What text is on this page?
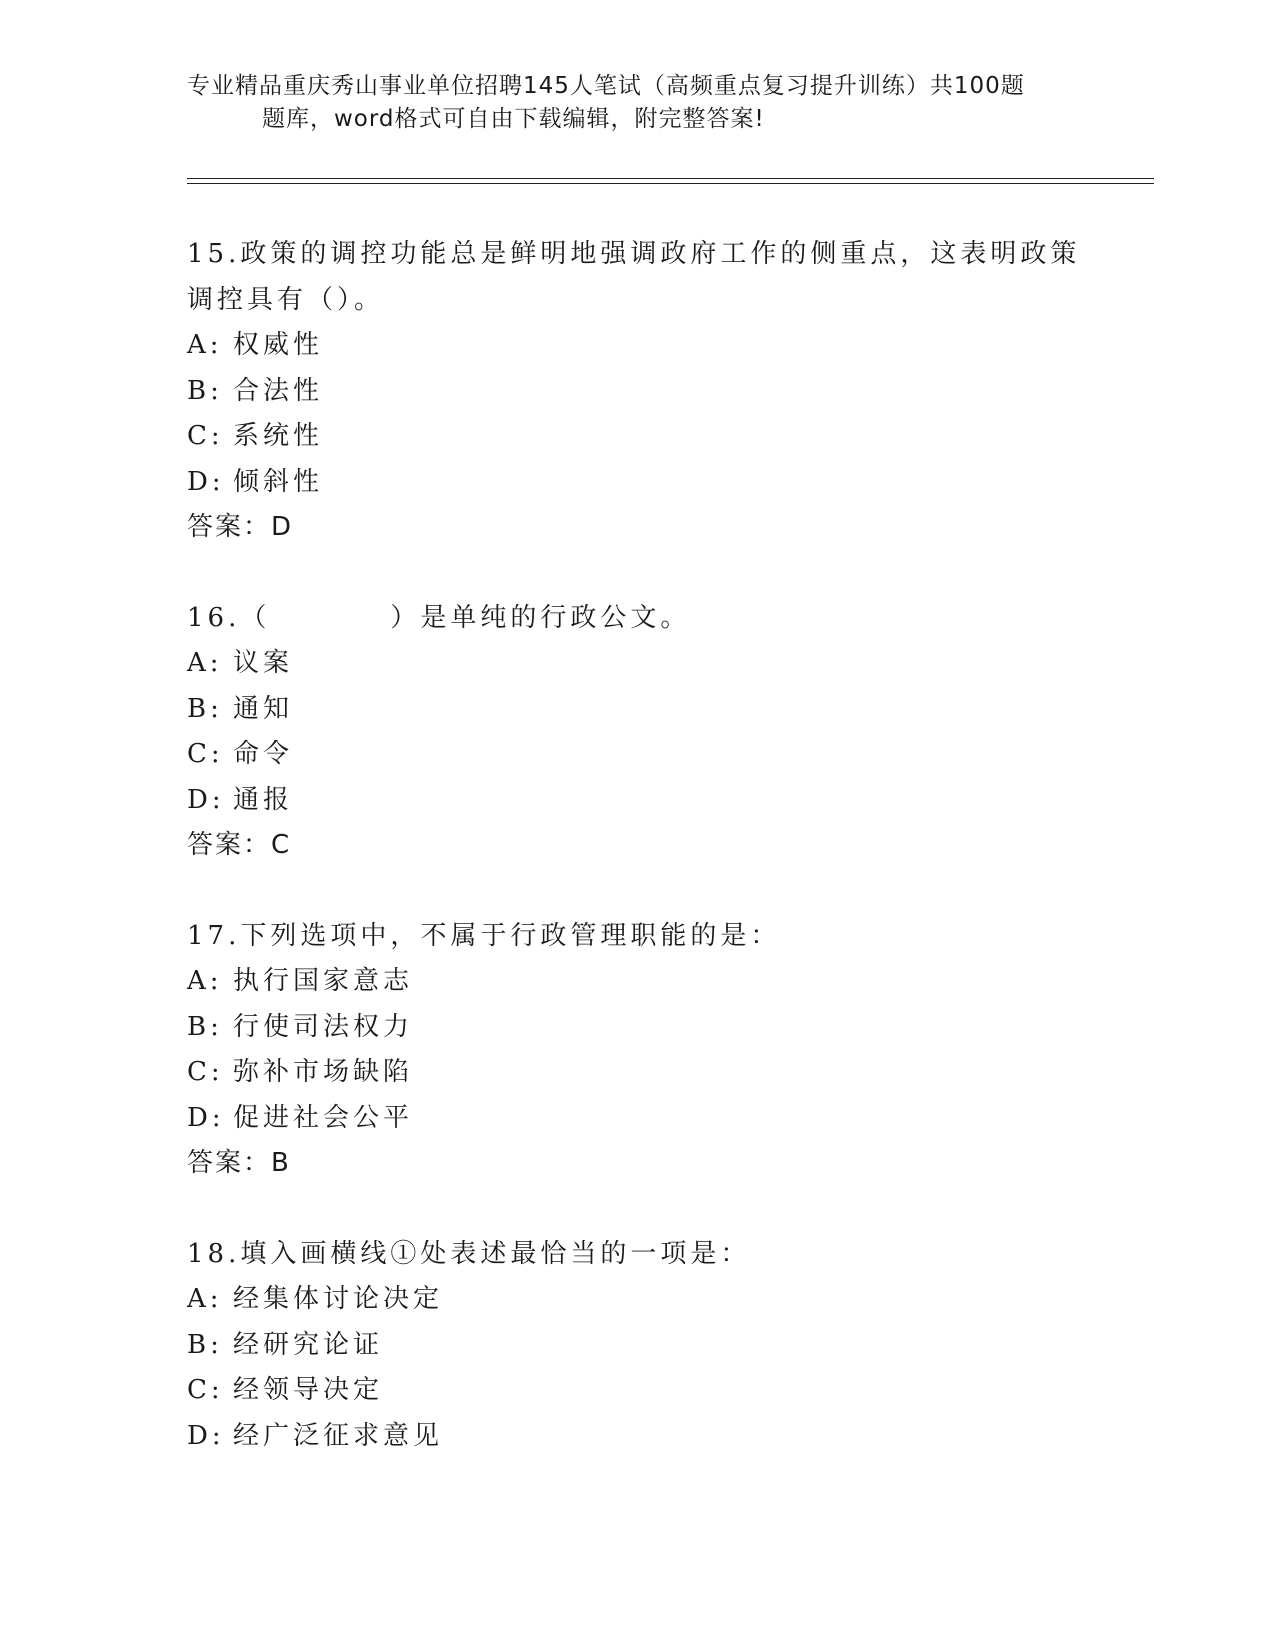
专业精品重庆秀山事业单位招聘145人笔试（高频重点复习提升训练）共100题
题库，word格式可自由下载编辑，附完整答案!
15.政策的调控功能总是鲜明地强调政府工作的侧重点，这表明政策调控具有（）。
A: 权威性
B: 合法性
C: 系统性
D: 倾斜性
答案：D
16.（	）是单纯的行政公文。
A: 议案
B: 通知
C: 命令
D: 通报
答案：C
17.下列选项中，不属于行政管理职能的是：
A: 执行国家意志
B: 行使司法权力
C: 弥补市场缺陷
D: 促进社会公平
答案：B
18.填入画横线①处表述最恰当的一项是：
A: 经集体讨论决定
B: 经研究论证
C: 经领导决定
D: 经广泛征求意见
